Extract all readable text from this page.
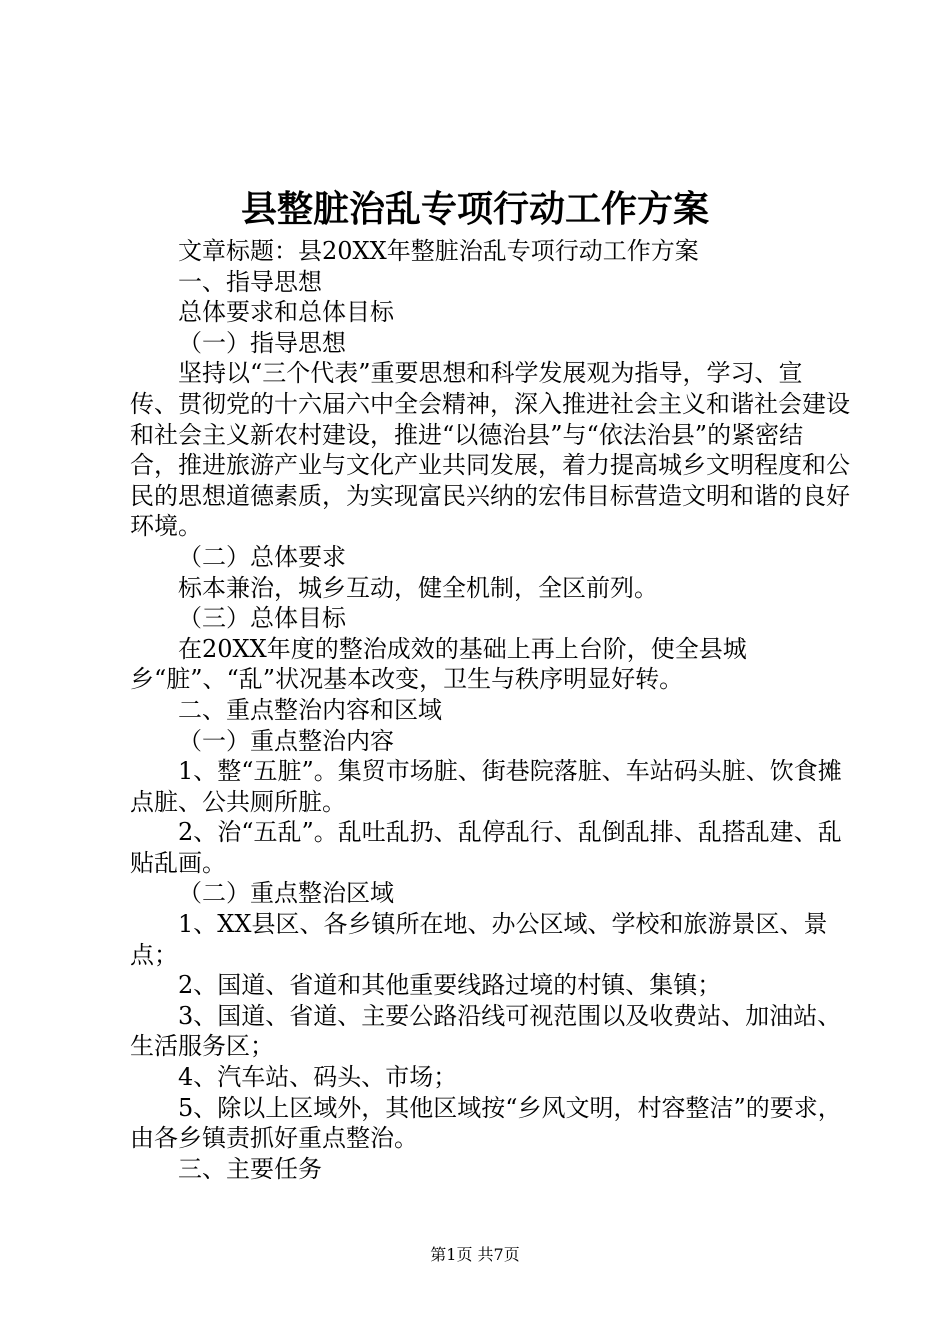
县整脏治乱专项行动工作方案

文章标题：县20XX年整脏治乱专项行动工作方案

一、指导思想

总体要求和总体目标

（一）指导思想

坚持以“三个代表”重要思想和科学发展观为指导，学习、宣传、贯彻党的十六届六中全会精神，深入推进社会主义和谐社会建设和社会主义新农村建设，推进“以德治县”与“依法治县”的紧密结合，推进旅游产业与文化产业共同发展，着力提高城乡文明程度和公民的思想道德素质，为实现富民兴纳的宏伟目标营造文明和谐的良好环境。

（二）总体要求

标本兼治，城乡互动，健全机制，全区前列。

（三）总体目标

在20XX年度的整治成效的基础上再上台阶，使全县城乡“脏”、“乱”状况基本改变，卫生与秩序明显好转。

二、重点整治内容和区域

（一）重点整治内容

1、整“五脏”。集贸市场脏、街巷院落脏、车站码头脏、饮食摊点脏、公共厕所脏。

2、治“五乱”。乱吐乱扔、乱停乱行、乱倒乱排、乱搭乱建、乱贴乱画。

（二）重点整治区域

1、XX县区、各乡镇所在地、办公区域、学校和旅游景区、景点；

2、国道、省道和其他重要线路过境的村镇、集镇；

3、国道、省道、主要公路沿线可视范围以及收费站、加油站、生活服务区；

4、汽车站、码头、市场；

5、除以上区域外，其他区域按“乡风文明，村容整洁”的要求，由各乡镇责抓好重点整治。

三、主要任务

第1页 共7页
